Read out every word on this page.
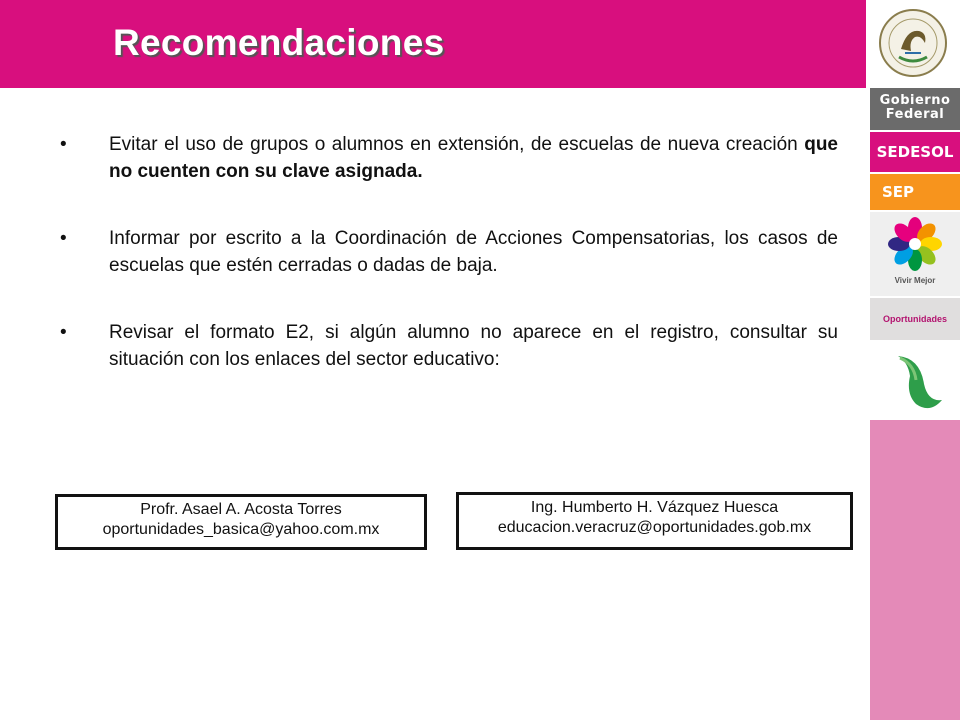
Recomendaciones
• Evitar el uso de grupos o alumnos en extensión, de escuelas de nueva creación que no cuenten con su clave asignada.
• Informar por escrito a la Coordinación de Acciones Compensatorias, los casos de escuelas que estén cerradas o dadas de baja.
• Revisar el formato E2, si algún alumno no aparece en el registro, consultar su situación con los enlaces del sector educativo:
Profr. Asael A. Acosta Torres
oportunidades_basica@yahoo.com.mx
Ing. Humberto H. Vázquez Huesca
educacion.veracruz@oportunidades.gob.mx
Gobierno
Federal
SEDESOL
SEP
Vivir Mejor
Oportunidades
